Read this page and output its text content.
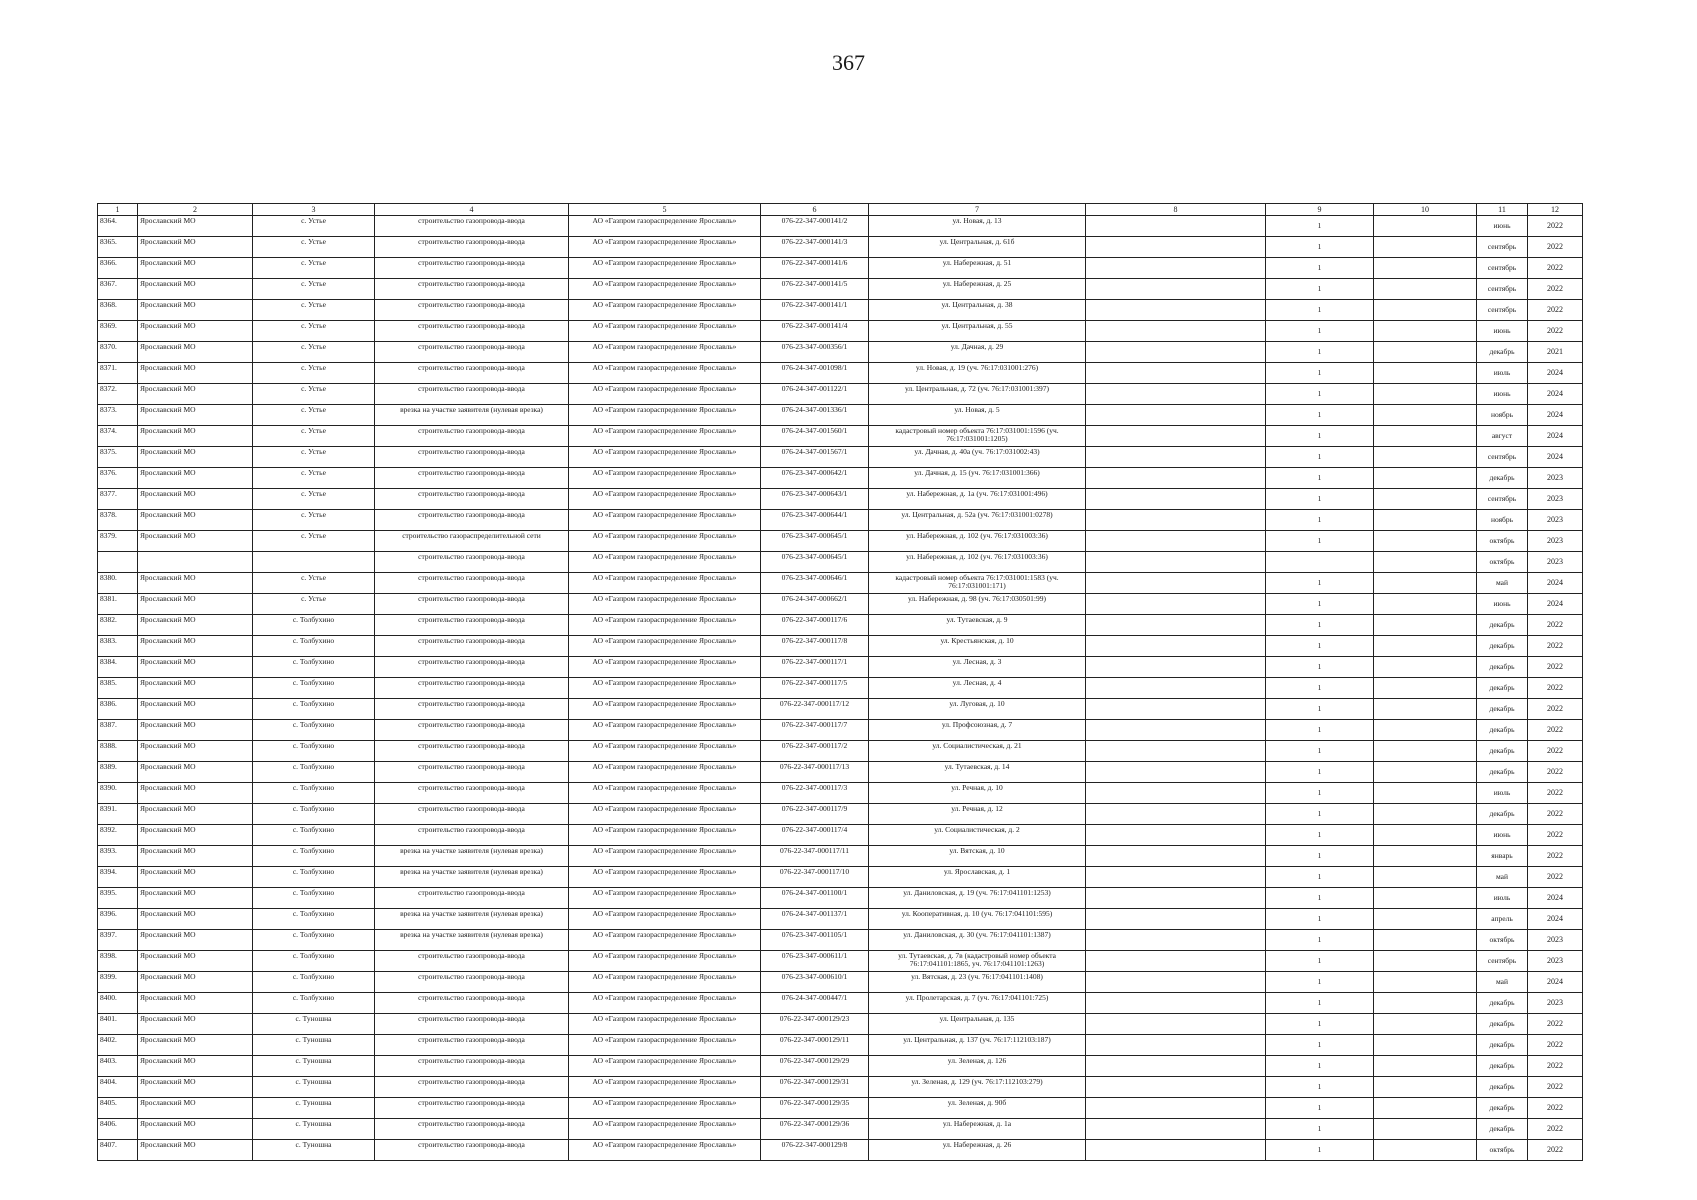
367
1	2	3	4	5	6	7	8	9	10	11	12
8364.	Ярославский МО	с. Устье	строительство газопровода-ввода	АО «Газпром газораспределение Ярославль»	076-22-347-000141/2	ул. Новая, д. 13		1		июнь	2022
8365.	Ярославский МО	с. Устье	строительство газопровода-ввода	АО «Газпром газораспределение Ярославль»	076-22-347-000141/3	ул. Центральная, д. 61б		1		сентябрь	2022
8366.	Ярославский МО	с. Устье	строительство газопровода-ввода	АО «Газпром газораспределение Ярославль»	076-22-347-000141/6	ул. Набережная, д. 51		1		сентябрь	2022
8367.	Ярославский МО	с. Устье	строительство газопровода-ввода	АО «Газпром газораспределение Ярославль»	076-22-347-000141/5	ул. Набережная, д. 25		1		сентябрь	2022
8368.	Ярославский МО	с. Устье	строительство газопровода-ввода	АО «Газпром газораспределение Ярославль»	076-22-347-000141/1	ул. Центральная, д. 38		1		сентябрь	2022
8369.	Ярославский МО	с. Устье	строительство газопровода-ввода	АО «Газпром газораспределение Ярославль»	076-22-347-000141/4	ул. Центральная, д. 55		1		июнь	2022
8370.	Ярославский МО	с. Устье	строительство газопровода-ввода	АО «Газпром газораспределение Ярославль»	076-23-347-000356/1	ул. Дачная, д. 29		1		декабрь	2021
8371.	Ярославский МО	с. Устье	строительство газопровода-ввода	АО «Газпром газораспределение Ярославль»	076-24-347-001098/1	ул. Новая, д. 19 (уч. 76:17:031001:276)		1		июль	2024
8372.	Ярославский МО	с. Устье	строительство газопровода-ввода	АО «Газпром газораспределение Ярославль»	076-24-347-001122/1	ул. Центральная, д. 72 (уч. 76:17:031001:397)		1		июнь	2024
8373.	Ярославский МО	с. Устье	врезка на участке заявителя (нулевая врезка)	АО «Газпром газораспределение Ярославль»	076-24-347-001336/1	ул. Новая, д. 5		1		ноябрь	2024
8374.	Ярославский МО	с. Устье	строительство газопровода-ввода	АО «Газпром газораспределение Ярославль»	076-24-347-001560/1	кадастровый номер объекта 76:17:031001:1596 (уч. 76:17:031001:1205)		1		август	2024
8375.	Ярославский МО	с. Устье	строительство газопровода-ввода	АО «Газпром газораспределение Ярославль»	076-24-347-001567/1	ул. Дачная, д. 40а (уч. 76:17:031002:43)		1		сентябрь	2024
8376.	Ярославский МО	с. Устье	строительство газопровода-ввода	АО «Газпром газораспределение Ярославль»	076-23-347-000642/1	ул. Дачная, д. 15 (уч. 76:17:031001:366)		1		декабрь	2023
8377.	Ярославский МО	с. Устье	строительство газопровода-ввода	АО «Газпром газораспределение Ярославль»	076-23-347-000643/1	ул. Набережная, д. 1а (уч. 76:17:031001:496)		1		сентябрь	2023
8378.	Ярославский МО	с. Устье	строительство газопровода-ввода	АО «Газпром газораспределение Ярославль»	076-23-347-000644/1	ул. Центральная, д. 52а (уч. 76:17:031001:0278)		1		ноябрь	2023
8379.	Ярославский МО	с. Устье	строительство газораспределительной сети	АО «Газпром газораспределение Ярославль»	076-23-347-000645/1	ул. Набережная, д. 102 (уч. 76:17:031003:36)		1		октябрь	2023
			строительство газопровода-ввода	АО «Газпром газораспределение Ярославль»	076-23-347-000645/1	ул. Набережная, д. 102 (уч. 76:17:031003:36)				октябрь	2023
8380.	Ярославский МО	с. Устье	строительство газопровода-ввода	АО «Газпром газораспределение Ярославль»	076-23-347-000646/1	кадастровый номер объекта 76:17:031001:1583 (уч. 76:17:031001:171)		1		май	2024
8381.	Ярославский МО	с. Устье	строительство газопровода-ввода	АО «Газпром газораспределение Ярославль»	076-24-347-000662/1	ул. Набережная, д. 98 (уч. 76:17:030501:99)		1		июнь	2024
8382.	Ярославский МО	с. Толбухино	строительство газопровода-ввода	АО «Газпром газораспределение Ярославль»	076-22-347-000117/6	ул. Тутаевская, д. 9		1		декабрь	2022
8383.	Ярославский МО	с. Толбухино	строительство газопровода-ввода	АО «Газпром газораспределение Ярославль»	076-22-347-000117/8	ул. Крестьянская, д. 10		1		декабрь	2022
8384.	Ярославский МО	с. Толбухино	строительство газопровода-ввода	АО «Газпром газораспределение Ярославль»	076-22-347-000117/1	ул. Лесная, д. 3		1		декабрь	2022
8385.	Ярославский МО	с. Толбухино	строительство газопровода-ввода	АО «Газпром газораспределение Ярославль»	076-22-347-000117/5	ул. Лесная, д. 4		1		декабрь	2022
8386.	Ярославский МО	с. Толбухино	строительство газопровода-ввода	АО «Газпром газораспределение Ярославль»	076-22-347-000117/12	ул. Луговая, д. 10		1		декабрь	2022
8387.	Ярославский МО	с. Толбухино	строительство газопровода-ввода	АО «Газпром газораспределение Ярославль»	076-22-347-000117/7	ул. Профсоюзная, д. 7		1		декабрь	2022
8388.	Ярославский МО	с. Толбухино	строительство газопровода-ввода	АО «Газпром газораспределение Ярославль»	076-22-347-000117/2	ул. Социалистическая, д. 21		1		декабрь	2022
8389.	Ярославский МО	с. Толбухино	строительство газопровода-ввода	АО «Газпром газораспределение Ярославль»	076-22-347-000117/13	ул. Тутаевская, д. 14		1		декабрь	2022
8390.	Ярославский МО	с. Толбухино	строительство газопровода-ввода	АО «Газпром газораспределение Ярославль»	076-22-347-000117/3	ул. Речная, д. 10		1		июль	2022
8391.	Ярославский МО	с. Толбухино	строительство газопровода-ввода	АО «Газпром газораспределение Ярославль»	076-22-347-000117/9	ул. Речная, д. 12		1		декабрь	2022
8392.	Ярославский МО	с. Толбухино	строительство газопровода-ввода	АО «Газпром газораспределение Ярославль»	076-22-347-000117/4	ул. Социалистическая, д. 2		1		июнь	2022
8393.	Ярославский МО	с. Толбухино	врезка на участке заявителя (нулевая врезка)	АО «Газпром газораспределение Ярославль»	076-22-347-000117/11	ул. Вятская, д. 10		1		январь	2022
8394.	Ярославский МО	с. Толбухино	врезка на участке заявителя (нулевая врезка)	АО «Газпром газораспределение Ярославль»	076-22-347-000117/10	ул. Ярославская, д. 1		1		май	2022
8395.	Ярославский МО	с. Толбухино	строительство газопровода-ввода	АО «Газпром газораспределение Ярославль»	076-24-347-001100/1	ул. Даниловская, д. 19 (уч. 76:17:041101:1253)		1		июль	2024
8396.	Ярославский МО	с. Толбухино	врезка на участке заявителя (нулевая врезка)	АО «Газпром газораспределение Ярославль»	076-24-347-001137/1	ул. Кооперативная, д. 10 (уч. 76:17:041101:595)		1		апрель	2024
8397.	Ярославский МО	с. Толбухино	врезка на участке заявителя (нулевая врезка)	АО «Газпром газораспределение Ярославль»	076-23-347-001105/1	ул. Даниловская, д. 30 (уч. 76:17:041101:1387)		1		октябрь	2023
8398.	Ярославский МО	с. Толбухино	строительство газопровода-ввода	АО «Газпром газораспределение Ярославль»	076-23-347-000611/1	ул. Тутаевская, д. 7в (кадастровый номер объекта 76:17:041101:1865, уч. 76:17:041101:1263)		1		сентябрь	2023
8399.	Ярославский МО	с. Толбухино	строительство газопровода-ввода	АО «Газпром газораспределение Ярославль»	076-23-347-000610/1	ул. Вятская, д. 23 (уч. 76:17:041101:1408)		1		май	2024
8400.	Ярославский МО	с. Толбухино	строительство газопровода-ввода	АО «Газпром газораспределение Ярославль»	076-24-347-000447/1	ул. Пролетарская, д. 7 (уч. 76:17:041101:725)		1		декабрь	2023
8401.	Ярославский МО	с. Туношна	строительство газопровода-ввода	АО «Газпром газораспределение Ярославль»	076-22-347-000129/23	ул. Центральная, д. 135		1		декабрь	2022
8402.	Ярославский МО	с. Туношна	строительство газопровода-ввода	АО «Газпром газораспределение Ярославль»	076-22-347-000129/11	ул. Центральная, д. 137 (уч. 76:17:112103:187)		1		декабрь	2022
8403.	Ярославский МО	с. Туношна	строительство газопровода-ввода	АО «Газпром газораспределение Ярославль»	076-22-347-000129/29	ул. Зеленая, д. 126		1		декабрь	2022
8404.	Ярославский МО	с. Туношна	строительство газопровода-ввода	АО «Газпром газораспределение Ярославль»	076-22-347-000129/31	ул. Зеленая, д. 129 (уч. 76:17:112103:279)		1		декабрь	2022
8405.	Ярославский МО	с. Туношна	строительство газопровода-ввода	АО «Газпром газораспределение Ярославль»	076-22-347-000129/35	ул. Зеленая, д. 90б		1		декабрь	2022
8406.	Ярославский МО	с. Туношна	строительство газопровода-ввода	АО «Газпром газораспределение Ярославль»	076-22-347-000129/36	ул. Набережная, д. 1а		1		декабрь	2022
8407.	Ярославский МО	с. Туношна	строительство газопровода-ввода	АО «Газпром газораспределение Ярославль»	076-22-347-000129/8	ул. Набережная, д. 26		1		октябрь	2022
